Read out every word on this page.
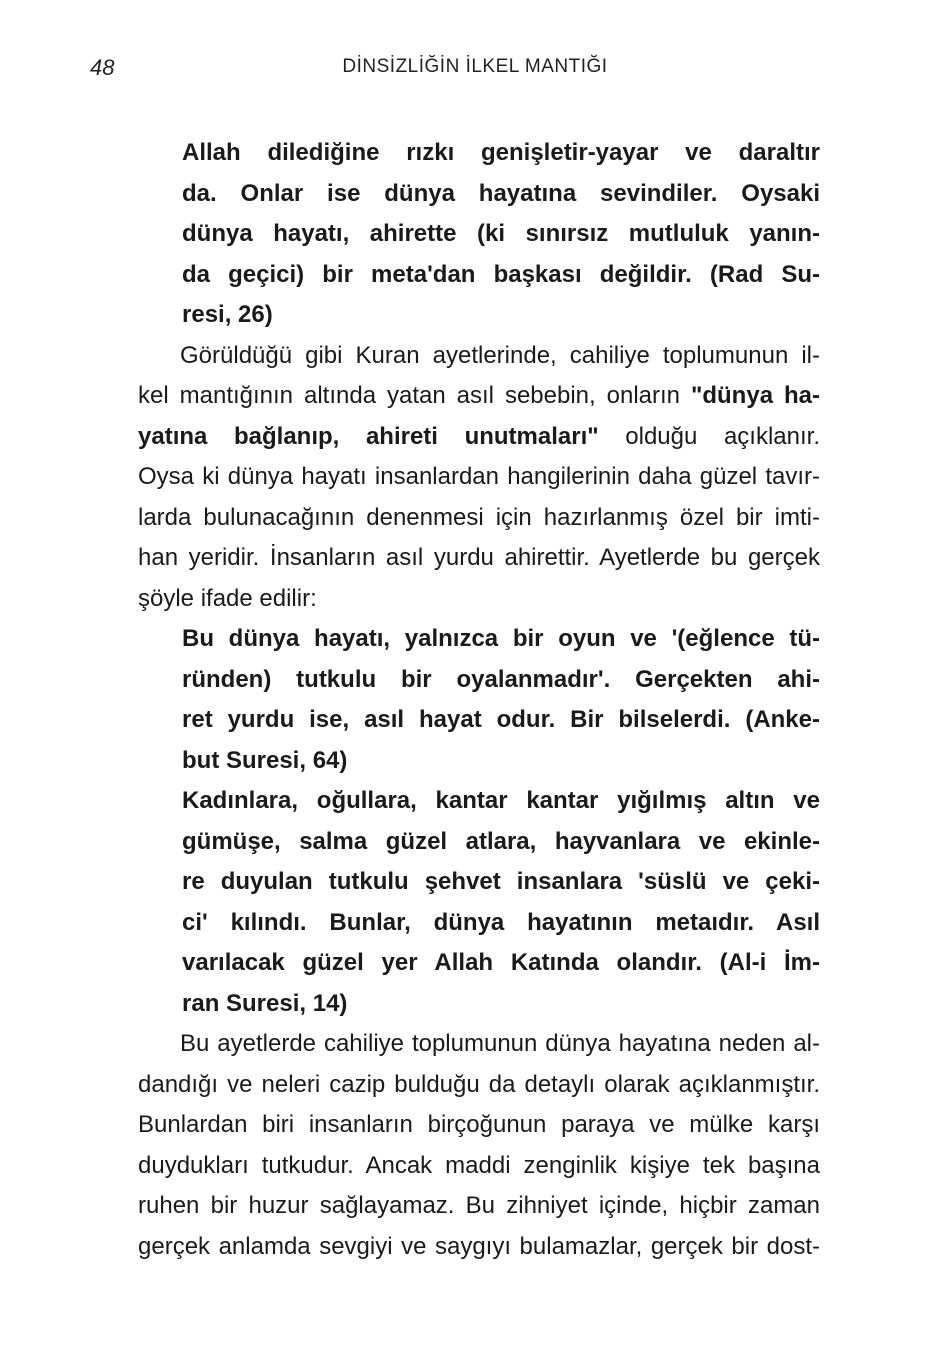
48	DİNSİZLİĞİN İLKEL MANTIĞI
Allah dilediğine rızkı genişletir-yayar ve daraltır
da. Onlar ise dünya hayatına sevindiler. Oysaki
dünya hayatı, ahirette (ki sınırsız mutluluk yanın-
da geçici) bir meta'dan başkası değildir. (Rad Su-
resi, 26)
Görüldüğü gibi Kuran ayetlerinde, cahiliye toplumunun il-
kel mantığının altında yatan asıl sebebin, onların "dünya ha-
yatına bağlanıp, ahireti unutmaları" olduğu açıklanır.
Oysa ki dünya hayatı insanlardan hangilerinin daha güzel tavır-
larda bulunacağının denenmesi için hazırlanmış özel bir imti-
han yeridir. İnsanların asıl yurdu ahirettir. Ayetlerde bu gerçek
şöyle ifade edilir:
Bu dünya hayatı, yalnızca bir oyun ve '(eğlence tü-
ründen) tutkulu bir oyalanmadır'. Gerçekten ahi-
ret yurdu ise, asıl hayat odur. Bir bilselerdi. (Anke-
but Suresi, 64)
Kadınlara, oğullara, kantar kantar yığılmış altın ve
gümüşe, salma güzel atlara, hayvanlara ve ekinle-
re duyulan tutkulu şehvet insanlara 'süslü ve çeki-
ci' kılındı. Bunlar, dünya hayatının metaıdır. Asıl
varılacak güzel yer Allah Katında olandır. (Al-i İm-
ran Suresi, 14)
Bu ayetlerde cahiliye toplumunun dünya hayatına neden al-
dandığı ve neleri cazip bulduğu da detaylı olarak açıklanmıştır.
Bunlardan biri insanların birçoğunun paraya ve mülke karşı
duydukları tutkudur. Ancak maddi zenginlik kişiye tek başına
ruhen bir huzur sağlayamaz. Bu zihniyet içinde, hiçbir zaman
gerçek anlamda sevgiyi ve saygıyı bulamazlar, gerçek bir dost-
